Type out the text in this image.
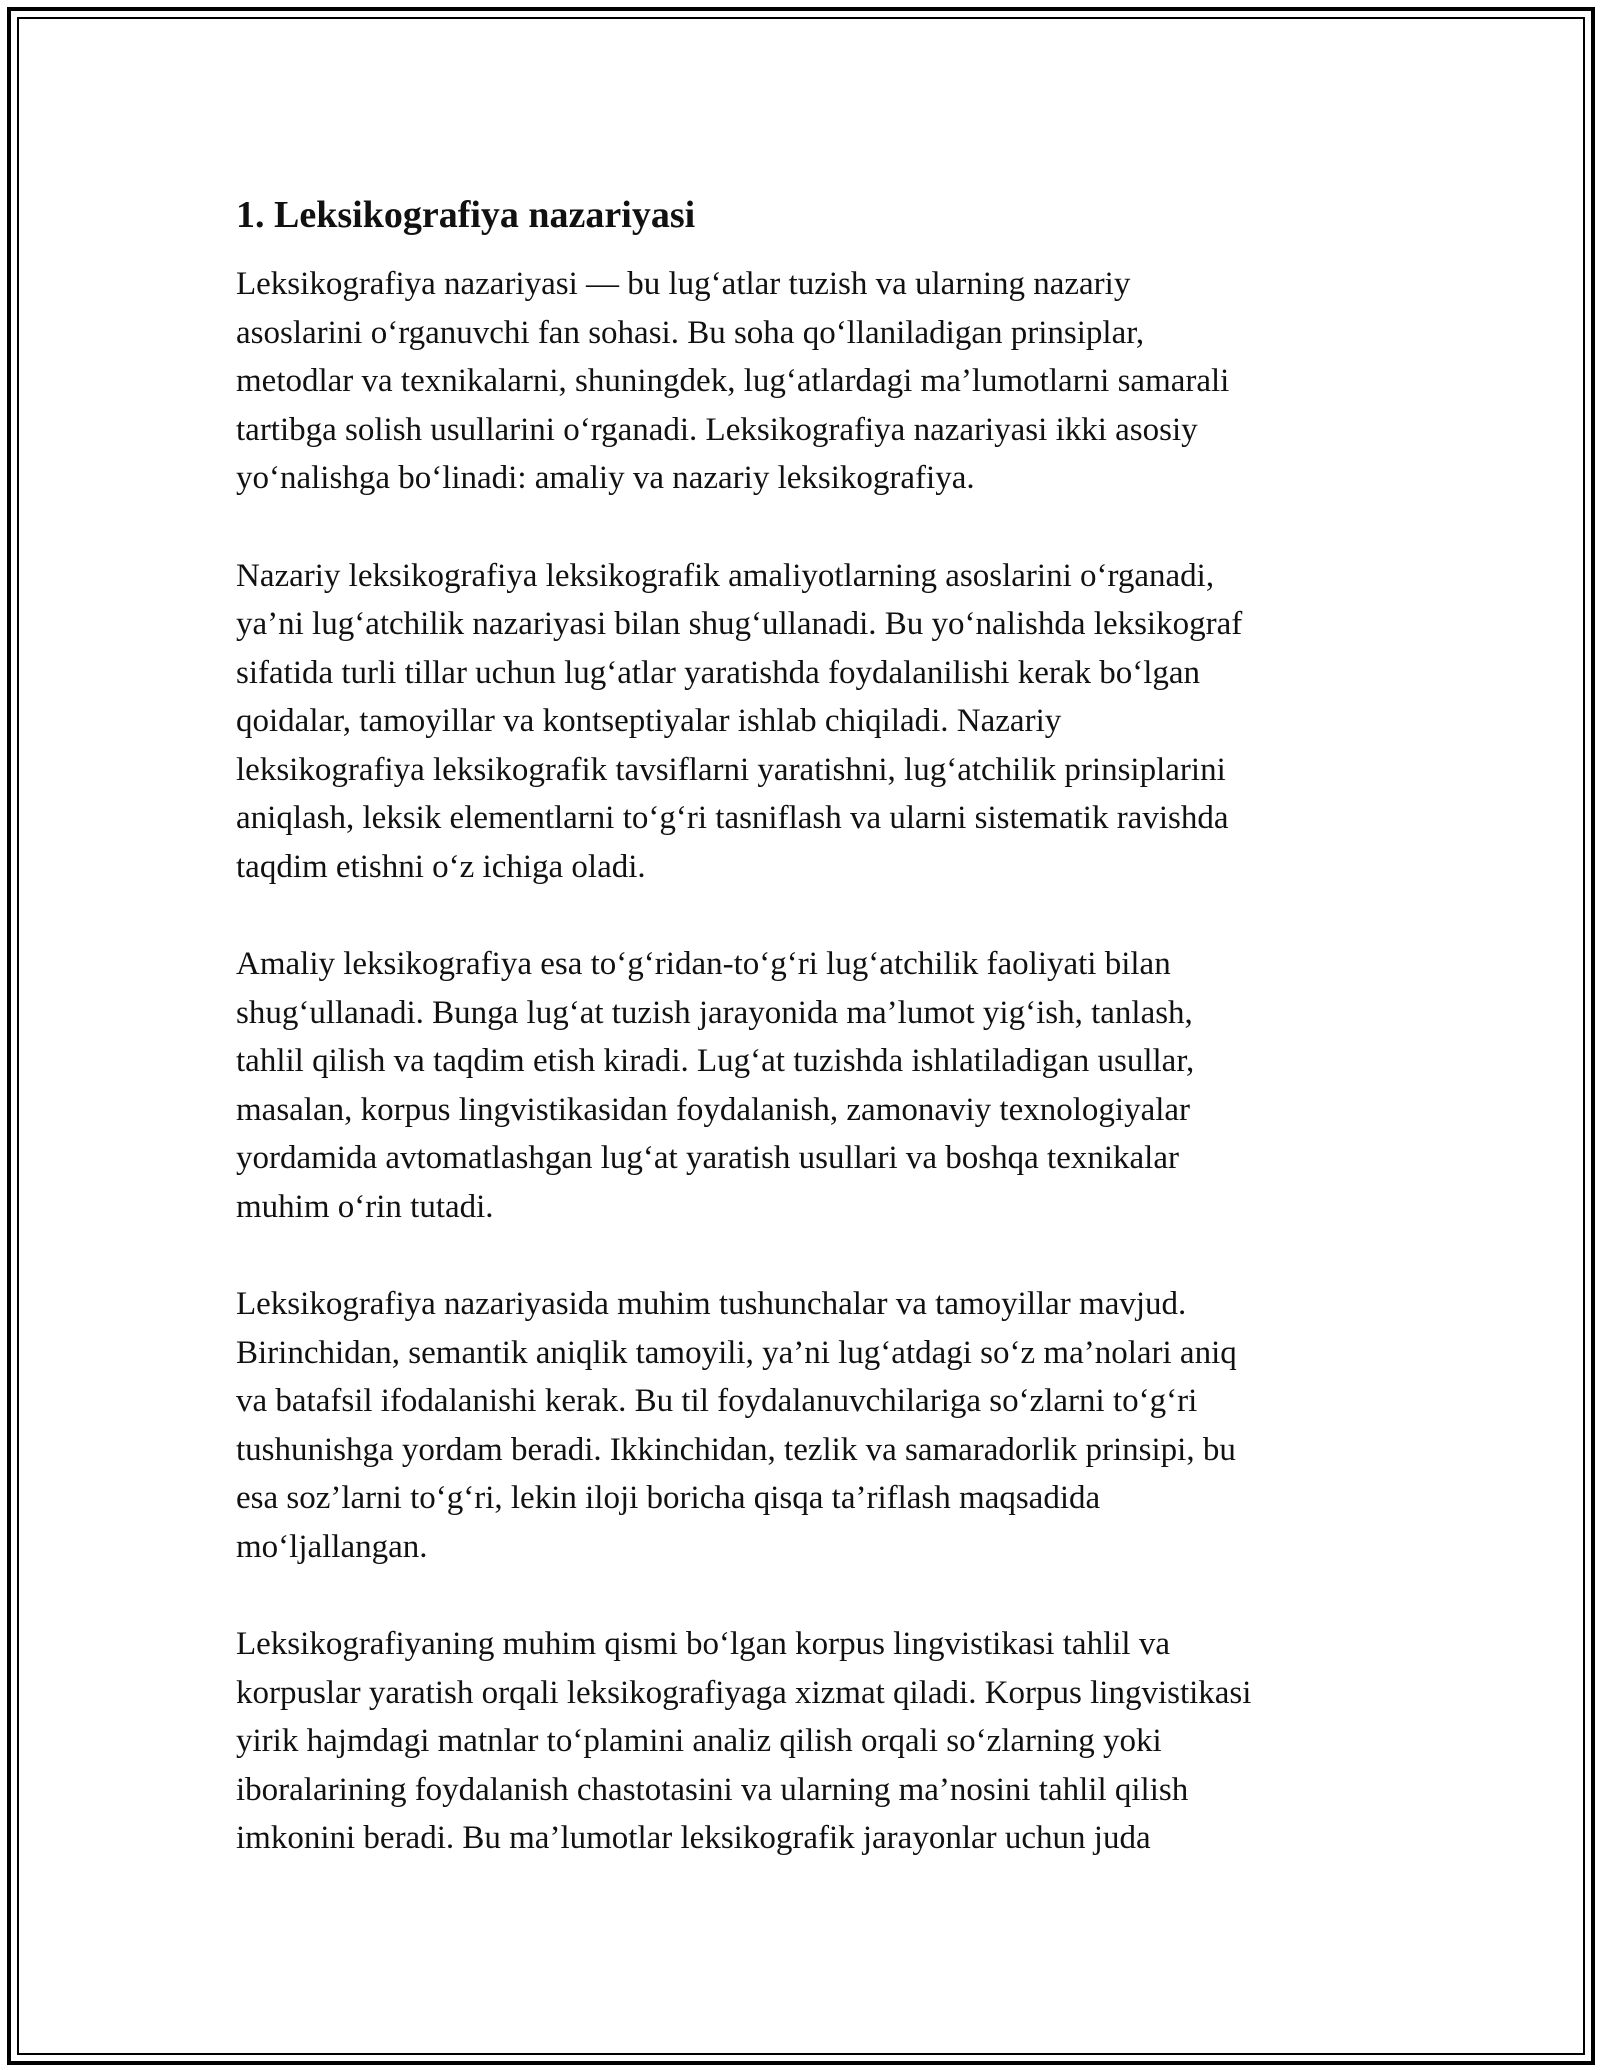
1. Leksikografiya nazariyasi
Leksikografiya nazariyasi — bu lug‘atlar tuzish va ularning nazariy
asoslarini o‘rganuvchi fan sohasi. Bu soha qo‘llaniladigan prinsiplar,
metodlar va texnikalarni, shuningdek, lug‘atlardagi ma’lumotlarni samarali
tartibga solish usullarini o‘rganadi. Leksikografiya nazariyasi ikki asosiy
yo‘nalishga bo‘linadi: amaliy va nazariy leksikografiya.
Nazariy leksikografiya leksikografik amaliyotlarning asoslarini o‘rganadi,
ya’ni lug‘atchilik nazariyasi bilan shug‘ullanadi. Bu yo‘nalishda leksikograf
sifatida turli tillar uchun lug‘atlar yaratishda foydalanilishi kerak bo‘lgan
qoidalar, tamoyillar va kontseptiyalar ishlab chiqiladi. Nazariy
leksikografiya leksikografik tavsiflarni yaratishni, lug‘atchilik prinsiplarini
aniqlash, leksik elementlarni to‘g‘ri tasniflash va ularni sistematik ravishda
taqdim etishni o‘z ichiga oladi.
Amaliy leksikografiya esa to‘g‘ridan-to‘g‘ri lug‘atchilik faoliyati bilan
shug‘ullanadi. Bunga lug‘at tuzish jarayonida ma’lumot yig‘ish, tanlash,
tahlil qilish va taqdim etish kiradi. Lug‘at tuzishda ishlatiladigan usullar,
masalan, korpus lingvistikasidan foydalanish, zamonaviy texnologiyalar
yordamida avtomatlashgan lug‘at yaratish usullari va boshqa texnikalar
muhim o‘rin tutadi.
Leksikografiya nazariyasida muhim tushunchalar va tamoyillar mavjud.
Birinchidan, semantik aniqlik tamoyili, ya’ni lug‘atdagi so‘z ma’nolari aniq
va batafsil ifodalanishi kerak. Bu til foydalanuvchilariga so‘zlarni to‘g‘ri
tushunishga yordam beradi. Ikkinchidan, tezlik va samaradorlik prinsipi, bu
esa soz’larni to‘g‘ri, lekin iloji boricha qisqa ta’riflash maqsadida
mo‘ljallangan.
Leksikografiyaning muhim qismi bo‘lgan korpus lingvistikasi tahlil va
korpuslar yaratish orqali leksikografiyaga xizmat qiladi. Korpus lingvistikasi
yirik hajmdagi matnlar to‘plamini analiz qilish orqali so‘zlarning yoki
iboralarining foydalanish chastotasini va ularning ma’nosini tahlil qilish
imkonini beradi. Bu ma’lumotlar leksikografik jarayonlar uchun juda
